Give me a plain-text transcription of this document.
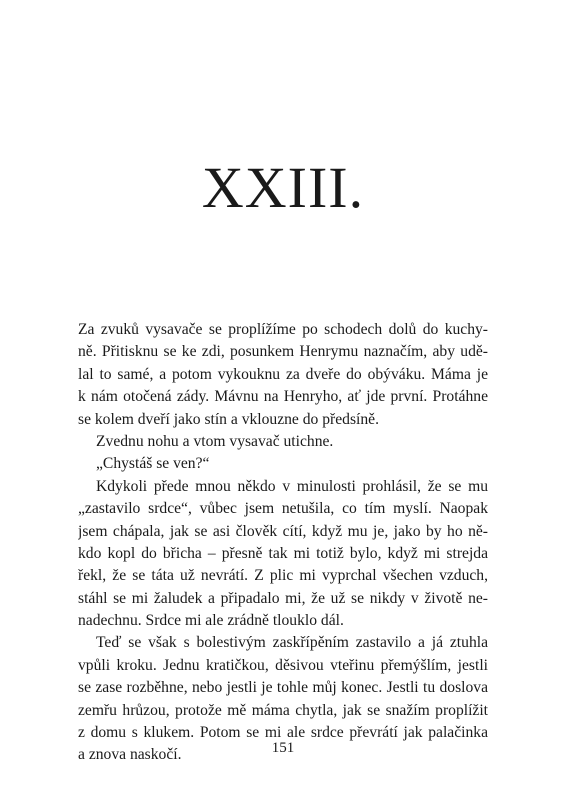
XXIII.
Za zvuků vysavače se proplížíme po schodech dolů do kuchy-
ně. Přitisknu se ke zdi, posunkem Henrymu naznačím, aby udě-
lal to samé, a potom vykouknu za dveře do obýváku. Máma je
k nám otočená zády. Mávnu na Henryho, ať jde první. Protáhne
se kolem dveří jako stín a vklouzne do předsíně.
Zvednu nohu a vtom vysavač utichne.
„Chystáš se ven?“
Kdykoli přede mnou někdo v minulosti prohlásil, že se mu
„zastavilo srdce“, vůbec jsem netušila, co tím myslí. Naopak
jsem chápala, jak se asi člověk cítí, když mu je, jako by ho ně-
kdo kopl do břicha – přesně tak mi totiž bylo, když mi strejda
řekl, že se táta už nevrátí. Z plic mi vyprchal všechen vzduch,
stáhl se mi žaludek a připadalo mi, že už se nikdy v životě ne-
nadechnu. Srdce mi ale zrádně tlouklo dál.
Teď se však s bolestivým zaskřípěním zastavilo a já ztuhla
vpůli kroku. Jednu kratičkou, děsivou vteřinu přemýšlím, jestli
se zase rozběhne, nebo jestli je tohle můj konec. Jestli tu doslova
zemřu hrůzou, protože mě máma chytla, jak se snažím proplížit
z domu s klukem. Potom se mi ale srdce převrátí jak palačinka
a znova naskočí.	151
